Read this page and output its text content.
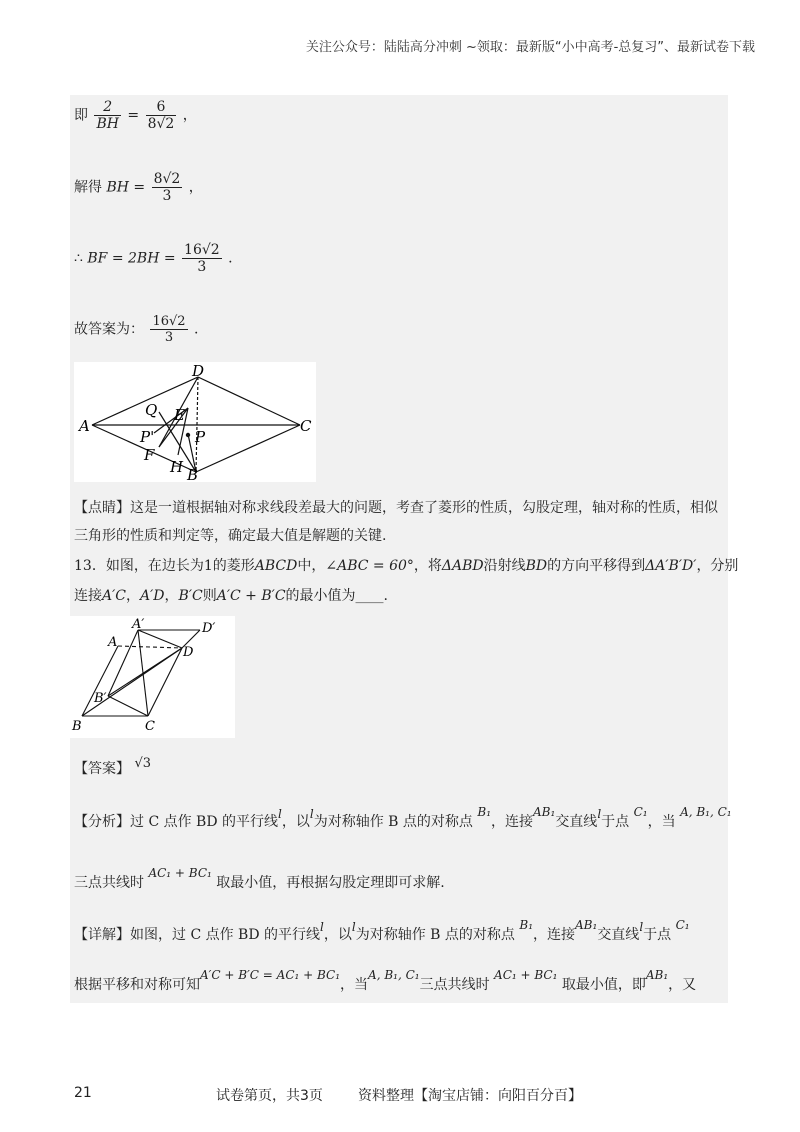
关注公众号：陆陆高分冲刺 ~领取：最新版“小中高考-总复习”、最新试卷下载
即 $\frac{2}{BH} = \frac{6}{8√2}$ ，
解得 BH = $\frac{8√2}{3}$ ，
∴ BF = $2BH = \frac{16√2}{3}$ .
故答案为： $\frac{16√2}{3}$ .
A	C
D
B
Q E
P'	P
F
H
【点睛】这是一道根据轴对称求线段差最大的问题，考查了菱形的性质，勾股定理，轴对称的性质，相似
三角形的性质和判定等，确定最大值是解题的关键.
13．如图，在边长为1的菱形ABCD中，∠ABC = 60°，将ΔABD沿射线BD的方向平移得到ΔA′B′D′，分别
连接A′C，A′D，B′C则A′C + B′C的最小值为____.
A
A′	D′
D
B′
B	C
【答案】 √3
【分析】过 C 点作 BD 的平行线l，以l为对称轴作 B 点的对称点 B₁，连接AB₁交直线l于点 C₁，当 A, B₁, C₁
三点共线时 AC₁ + BC₁ 取最小值，再根据勾股定理即可求解.
【详解】如图，过 C 点作 BD 的平行线l，以l为对称轴作 B 点的对称点 B₁，连接AB₁交直线l于点 C₁
根据平移和对称可知A′C + B′C = AC₁ + BC₁，当A, B₁, C₁三点共线时 AC₁ + BC₁ 取最小值，即AB₁，又
21	试卷第页，共3页	资料整理【淘宝店铺：向阳百分百】
